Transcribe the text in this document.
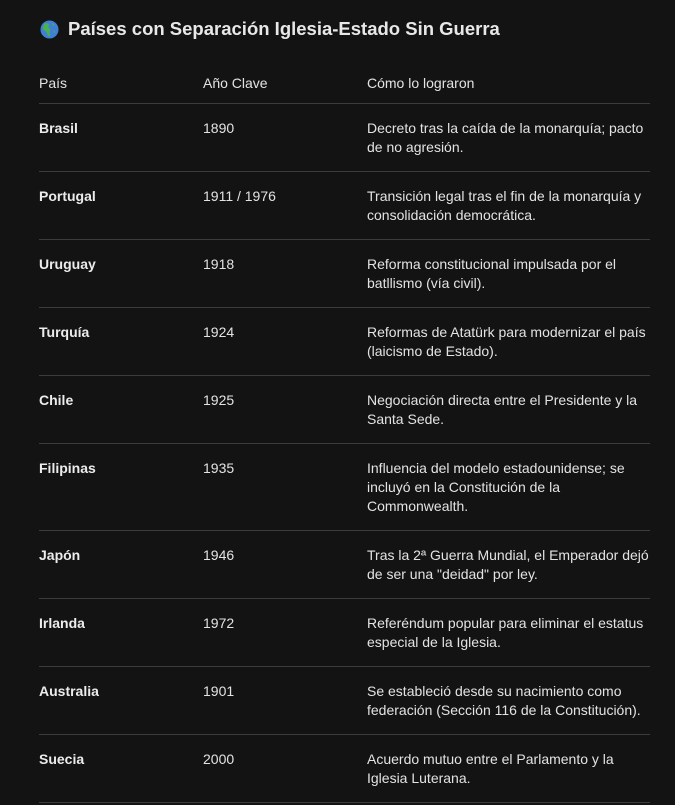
Países con Separación Iglesia-Estado Sin Guerra
País	Año Clave	Cómo lo lograron
Brasil	1890	Decreto tras la caída de la monarquía; pacto de no agresión.
Portugal	1911 / 1976	Transición legal tras el fin de la monarquía y consolidación democrática.
Uruguay	1918	Reforma constitucional impulsada por el batllismo (vía civil).
Turquía	1924	Reformas de Atatürk para modernizar el país (laicismo de Estado).
Chile	1925	Negociación directa entre el Presidente y la Santa Sede.
Filipinas	1935	Influencia del modelo estadounidense; se incluyó en la Constitución de la Commonwealth.
Japón	1946	Tras la 2ª Guerra Mundial, el Emperador dejó de ser una "deidad" por ley.
Irlanda	1972	Referéndum popular para eliminar el estatus especial de la Iglesia.
Australia	1901	Se estableció desde su nacimiento como federación (Sección 116 de la Constitución).
Suecia	2000	Acuerdo mutuo entre el Parlamento y la Iglesia Luterana.
